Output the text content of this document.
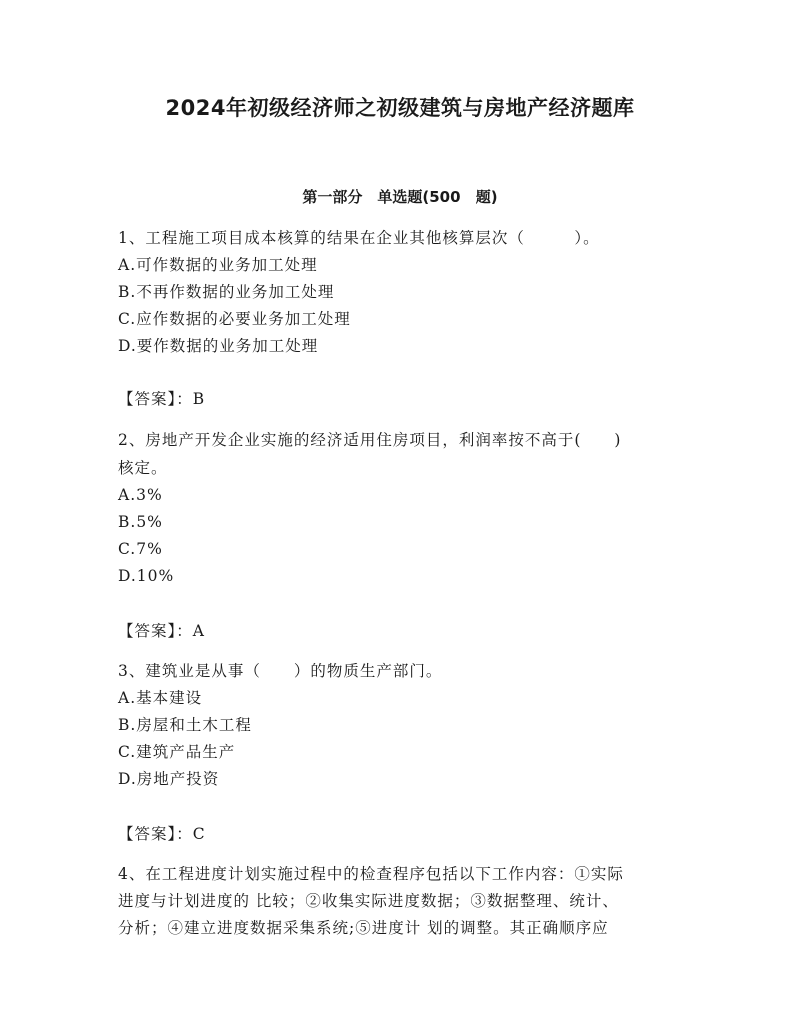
2024年初级经济师之初级建筑与房地产经济题库
第一部分　单选题(500 题)
1、工程施工项目成本核算的结果在企业其他核算层次（　　　）。
A.可作数据的业务加工处理
B.不再作数据的业务加工处理
C.应作数据的必要业务加工处理
D.要作数据的业务加工处理
【答案】：B
2、房地产开发企业实施的经济适用住房项目，利润率按不高于(　　)
核定。
A.3%
B.5%
C.7%
D.10%
【答案】：A
3、建筑业是从事（　　）的物质生产部门。
A.基本建设
B.房屋和土木工程
C.建筑产品生产
D.房地产投资
【答案】：C
4、在工程进度计划实施过程中的检查程序包括以下工作内容：①实际
进度与计划进度的 比较；②收集实际进度数据；③数据整理、统计、
分析；④建立进度数据采集系统;⑤进度计 划的调整。其正确顺序应
